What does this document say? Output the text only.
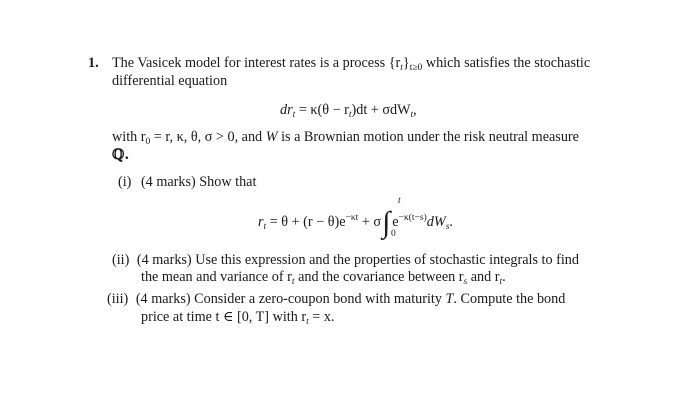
1. The Vasicek model for interest rates is a process $\{r_t\}_{t\ge 0}$ which satisfies the stochastic
differential equation
$dr_t = \kappa(\theta - r_t)dt + \sigma dW_t$,
with $r_0 = r$, κ, θ, σ > 0, and W is a Brownian motion under the risk neutral measure
ℚ.
(i) (4 marks) Show that
$r_t = \theta + (r - \theta)e^{-\kappa t} + \sigma\int$ $e^{-\kappa(t-s)}dW_s$.
t
0
(ii) (4 marks) Use this expression and the properties of stochastic integrals to find
the mean and variance of $r_t$ and the covariance between $r_s$ and $r_t$.
(iii) (4 marks) Consider a zero-coupon bond with maturity T. Compute the bond
price at time t ∈ [0, T] with $r_t = x$.
